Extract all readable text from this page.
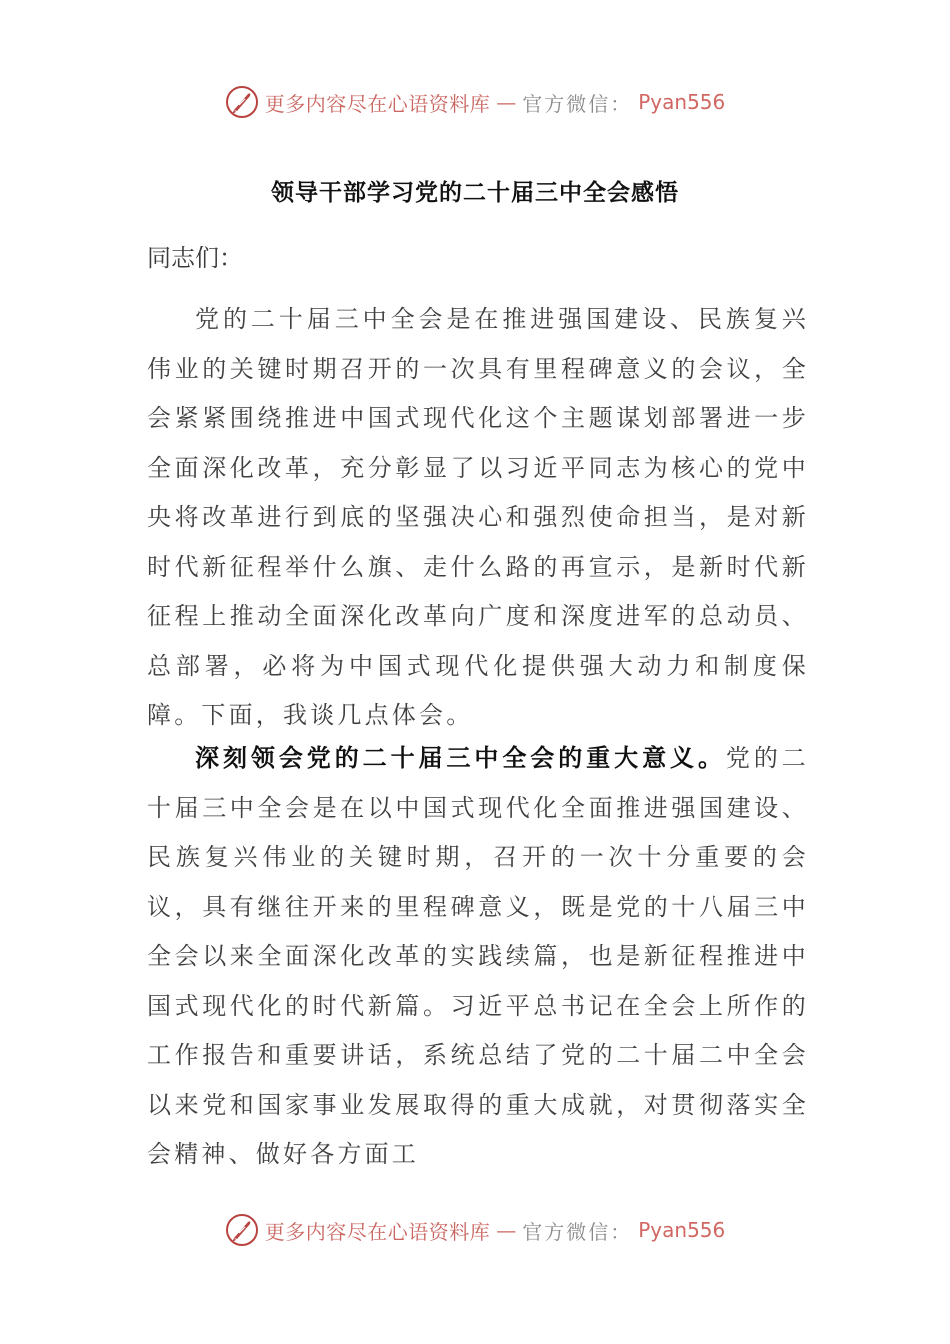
更多内容尽在心语资料库 — 官方微信： Pyan556
领导干部学习党的二十届三中全会感悟
同志们：
党的二十届三中全会是在推进强国建设、民族复兴伟业的关键时期召开的一次具有里程碑意义的会议，全会紧紧围绕推进中国式现代化这个主题谋划部署进一步全面深化改革，充分彰显了以习近平同志为核心的党中央将改革进行到底的坚强决心和强烈使命担当，是对新时代新征程举什么旗、走什么路的再宣示，是新时代新征程上推动全面深化改革向广度和深度进军的总动员、总部署，必将为中国式现代化提供强大动力和制度保障。下面，我谈几点体会。
深刻领会党的二十届三中全会的重大意义。党的二十届三中全会是在以中国式现代化全面推进强国建设、民族复兴伟业的关键时期，召开的一次十分重要的会议，具有继往开来的里程碑意义，既是党的十八届三中全会以来全面深化改革的实践续篇，也是新征程推进中国式现代化的时代新篇。习近平总书记在全会上所作的工作报告和重要讲话，系统总结了党的二十届二中全会以来党和国家事业发展取得的重大成就，对贯彻落实全会精神、做好各方面工
更多内容尽在心语资料库 — 官方微信： Pyan556
